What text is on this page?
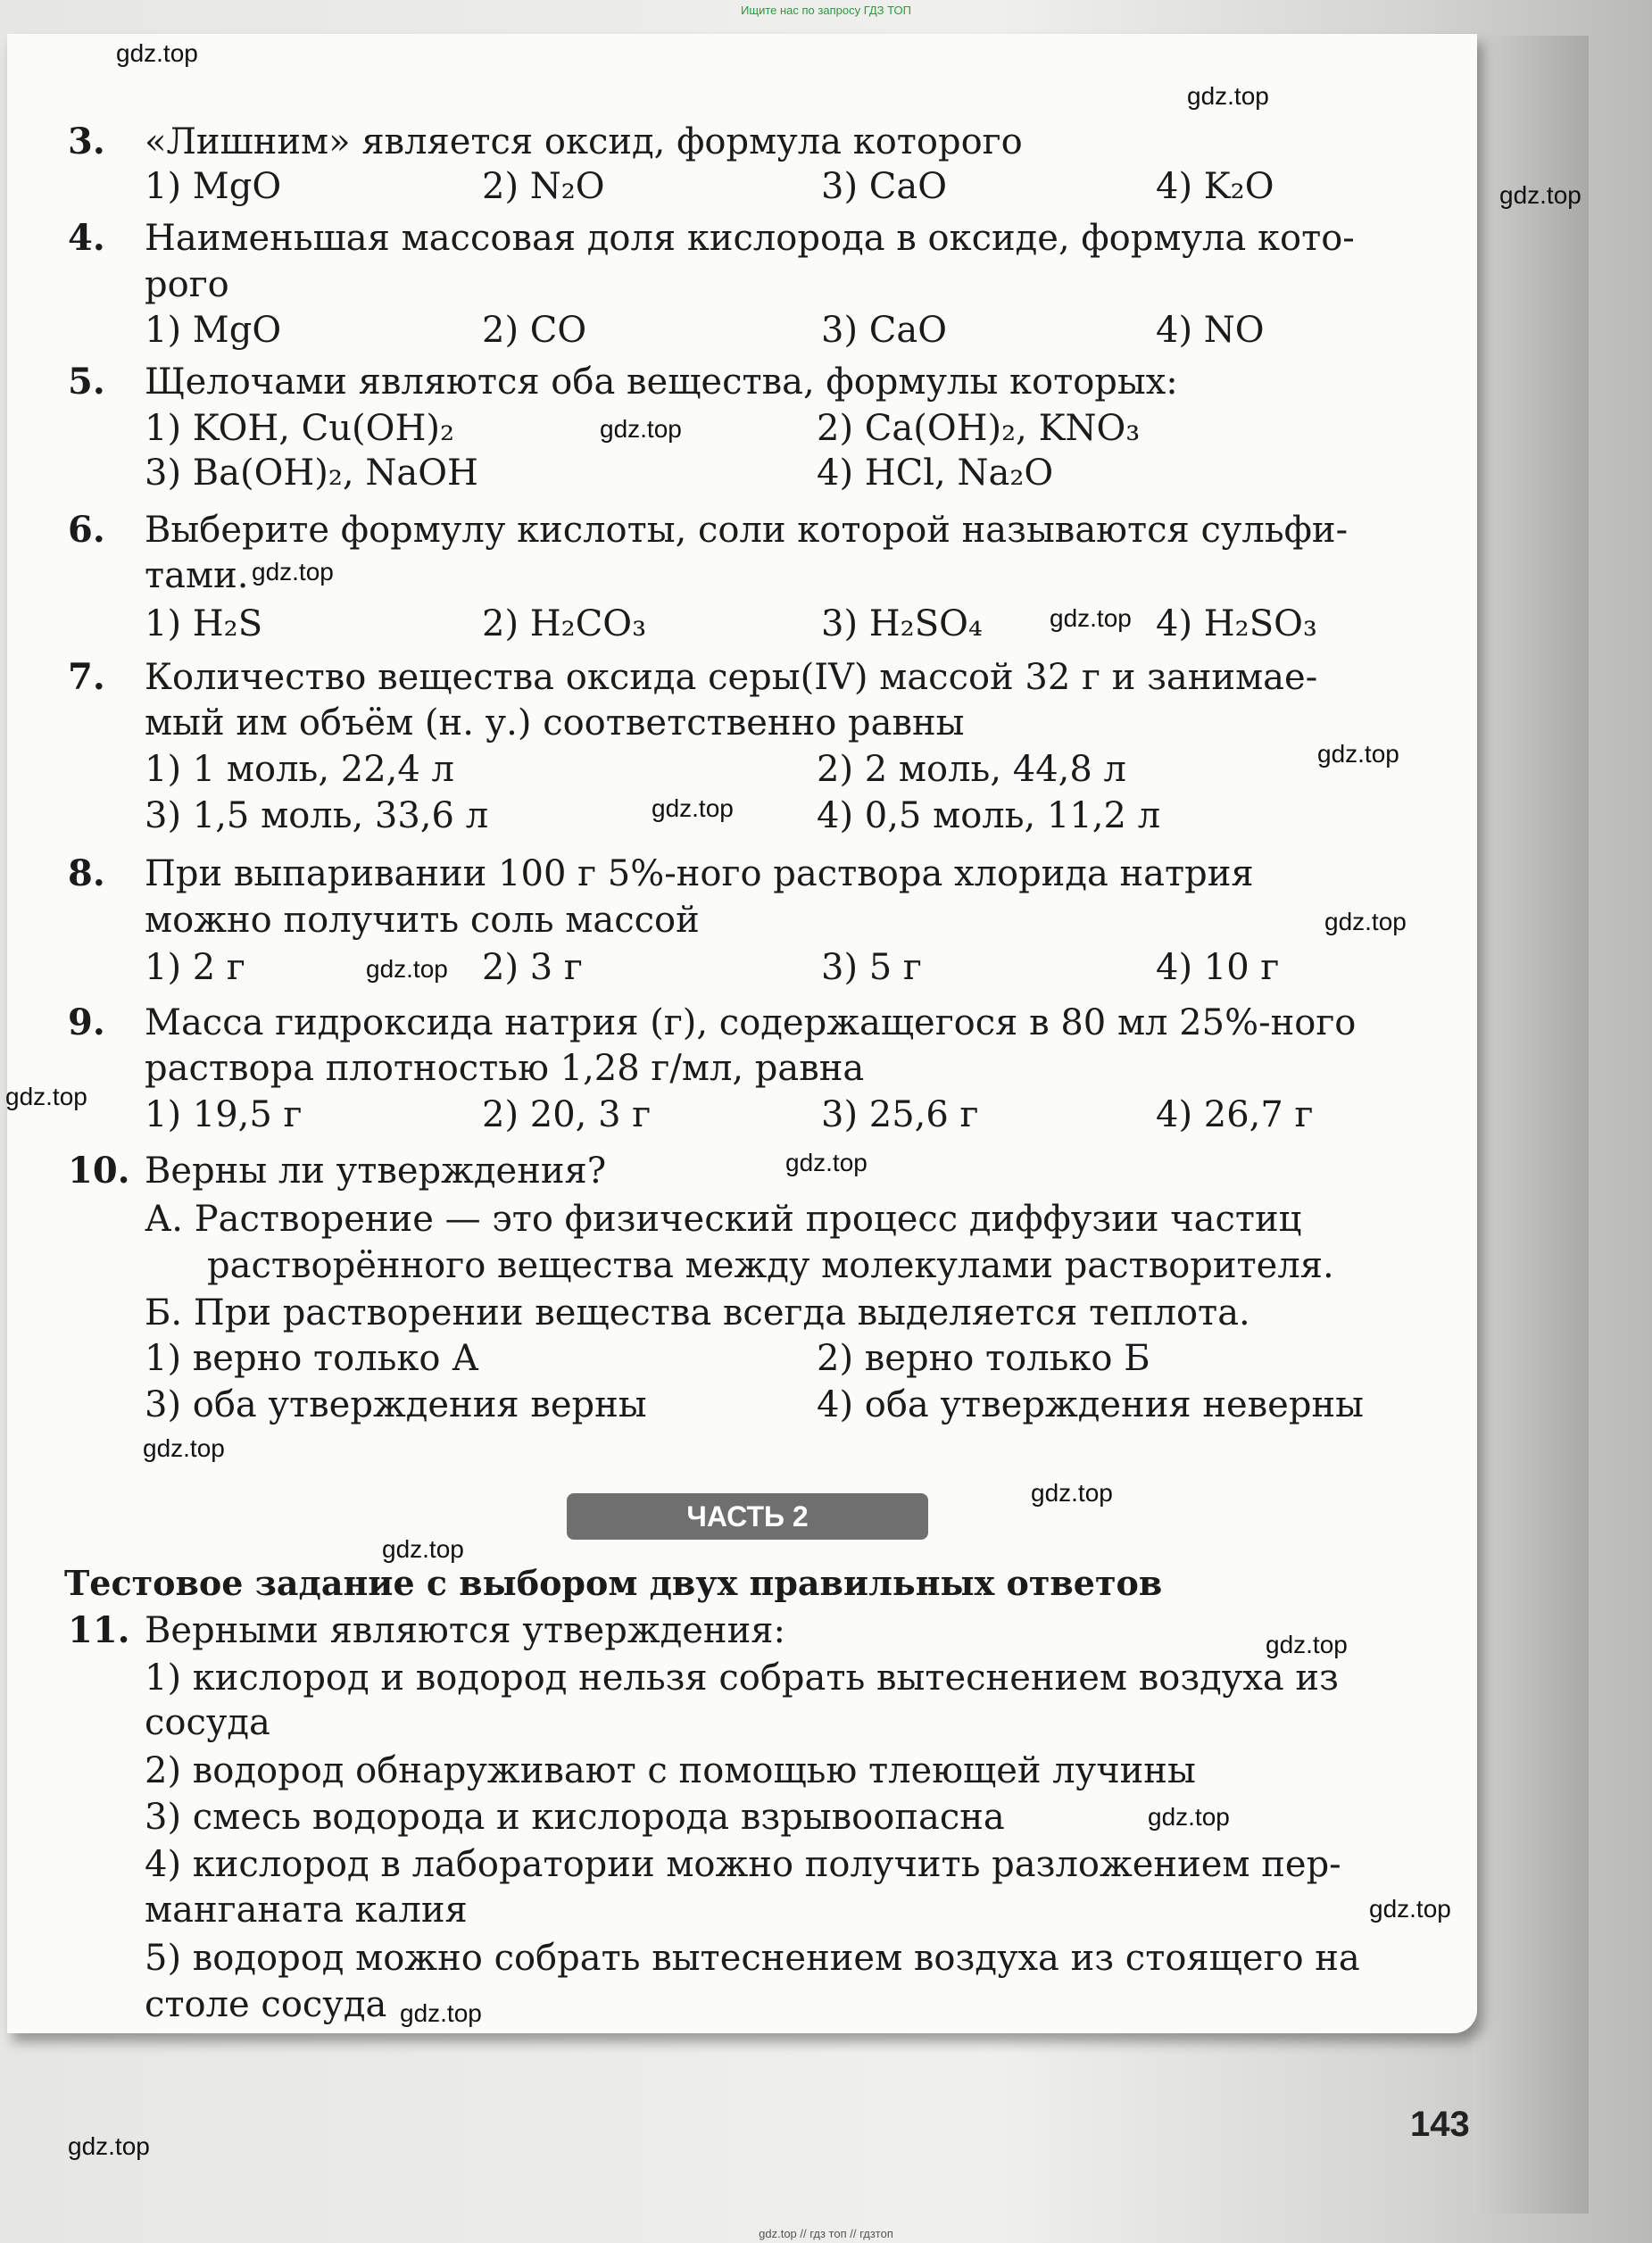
Ищите нас по запросу ГДЗ ТОП
gdz.top
gdz.top
gdz.top
gdz.top
gdz.top
gdz.top
gdz.top
gdz.top
gdz.top
gdz.top
gdz.top
gdz.top
gdz.top
gdz.top
gdz.top
gdz.top
gdz.top
gdz.top
gdz.top
gdz.top
3. «Лишним» является оксид, формула которого
1) MgO	2) N₂O	3) CaO	4) K₂O
4. Наименьшая массовая доля кислорода в оксиде, формула кото-
рого
1) MgO	2) CO	3) CaO	4) NO
5. Щелочами являются оба вещества, формулы которых:
1) KOH, Cu(OH)₂	2) Ca(OH)₂, KNO₃
3) Ba(OH)₂, NaOH	4) HCl, Na₂O
6. Выберите формулу кислоты, соли которой называются сульфи-
тами.
1) H₂S	2) H₂CO₃	3) H₂SO₄	4) H₂SO₃
7. Количество вещества оксида серы(IV) массой 32 г и занимае-
мый им объём (н. у.) соответственно равны
1) 1 моль, 22,4 л	2) 2 моль, 44,8 л
3) 1,5 моль, 33,6 л	4) 0,5 моль, 11,2 л
8. При выпаривании 100 г 5%-ного раствора хлорида натрия
можно получить соль массой
1) 2 г	2) 3 г	3) 5 г	4) 10 г
9. Масса гидроксида натрия (г), содержащегося в 80 мл 25%-ного
раствора плотностью 1,28 г/мл, равна
1) 19,5 г	2) 20, 3 г	3) 25,6 г	4) 26,7 г
10. Верны ли утверждения?
А. Растворение — это физический процесс диффузии частиц
растворённого вещества между молекулами растворителя.
Б. При растворении вещества всегда выделяется теплота.
1) верно только А	2) верно только Б
3) оба утверждения верны	4) оба утверждения неверны
ЧАСТЬ 2
Тестовое задание с выбором двух правильных ответов
11. Верными являются утверждения:
1) кислород и водород нельзя собрать вытеснением воздуха из
сосуда
2) водород обнаруживают с помощью тлеющей лучины
3) смесь водорода и кислорода взрывоопасна
4) кислород в лаборатории можно получить разложением пер-
манганата калия
5) водород можно собрать вытеснением воздуха из стоящего на
столе сосуда
143
gdz.top // гдз топ // гдзтоп
